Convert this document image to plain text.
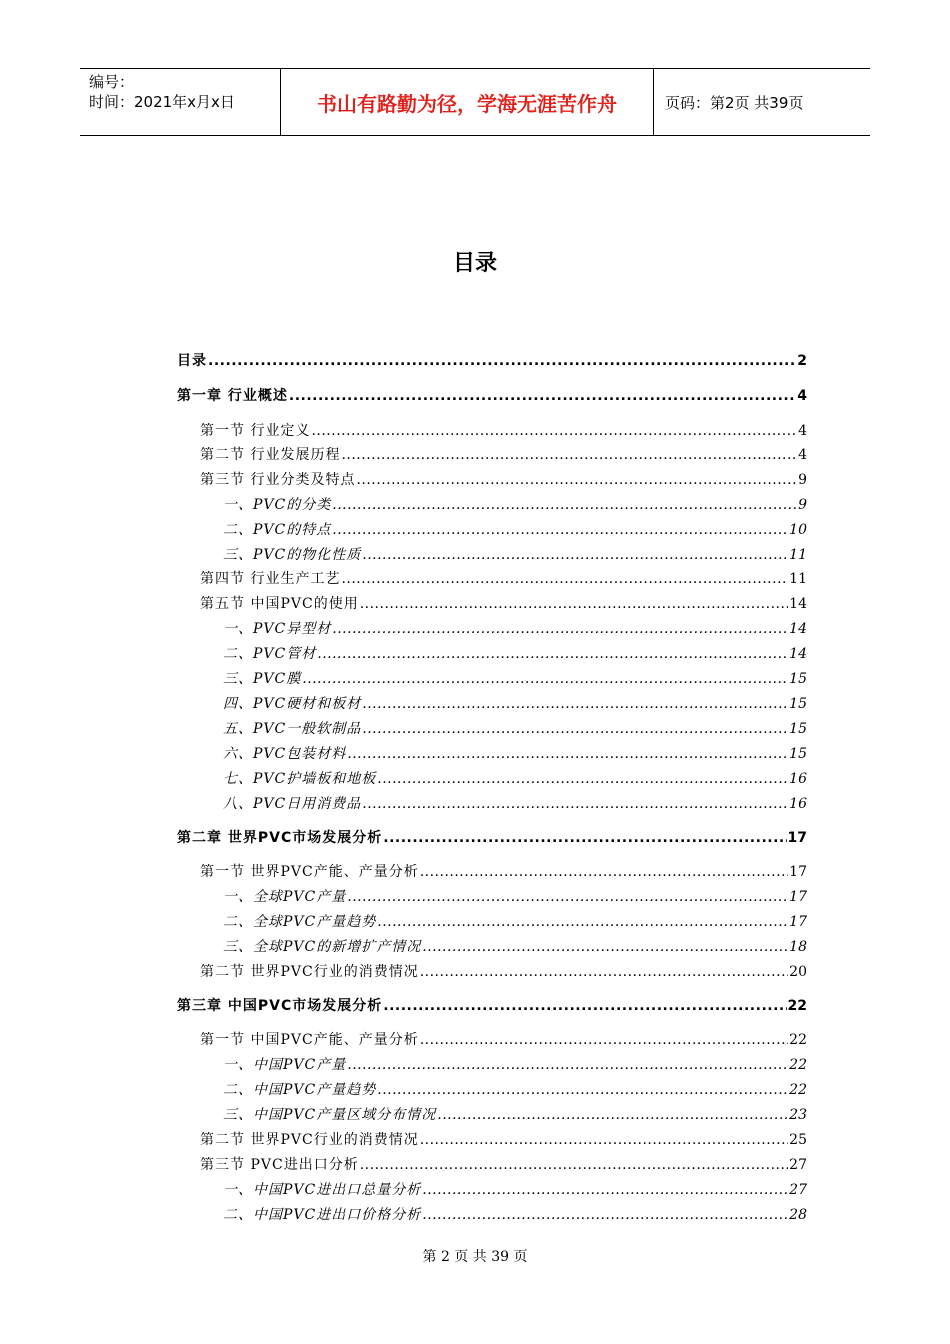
编号：
时间：2021年x月x日	书山有路勤为径，学海无涯苦作舟	页码：第2页 共39页
目录
目录 .....	2
第一章 行业概述 .....	4
第一节 行业定义 .....	4
第二节 行业发展历程 .....	4
第三节 行业分类及特点 .....	9
一、PVC的分类 .....	9
二、PVC的特点 .....	10
三、PVC的物化性质 .....	11
第四节 行业生产工艺 .....	11
第五节 中国PVC的使用 .....	14
一、PVC异型材 .....	14
二、PVC管材 .....	14
三、PVC膜 .....	15
四、PVC硬材和板材 .....	15
五、PVC一般软制品 .....	15
六、PVC包装材料 .....	15
七、PVC护墙板和地板 .....	16
八、PVC日用消费品 .....	16
第二章 世界PVC市场发展分析 .....	17
第一节 世界PVC产能、产量分析 .....	17
一、全球PVC产量 .....	17
二、全球PVC产量趋势 .....	17
三、全球PVC的新增扩产情况 .....	18
第二节 世界PVC行业的消费情况 .....	20
第三章 中国PVC市场发展分析 .....	22
第一节 中国PVC产能、产量分析 .....	22
一、中国PVC产量 .....	22
二、中国PVC产量趋势 .....	22
三、中国PVC产量区域分布情况 .....	23
第二节 世界PVC行业的消费情况 .....	25
第三节 PVC进出口分析 .....	27
一、中国PVC进出口总量分析 .....	27
二、中国PVC进出口价格分析 .....	28
第 2 页 共 39 页
